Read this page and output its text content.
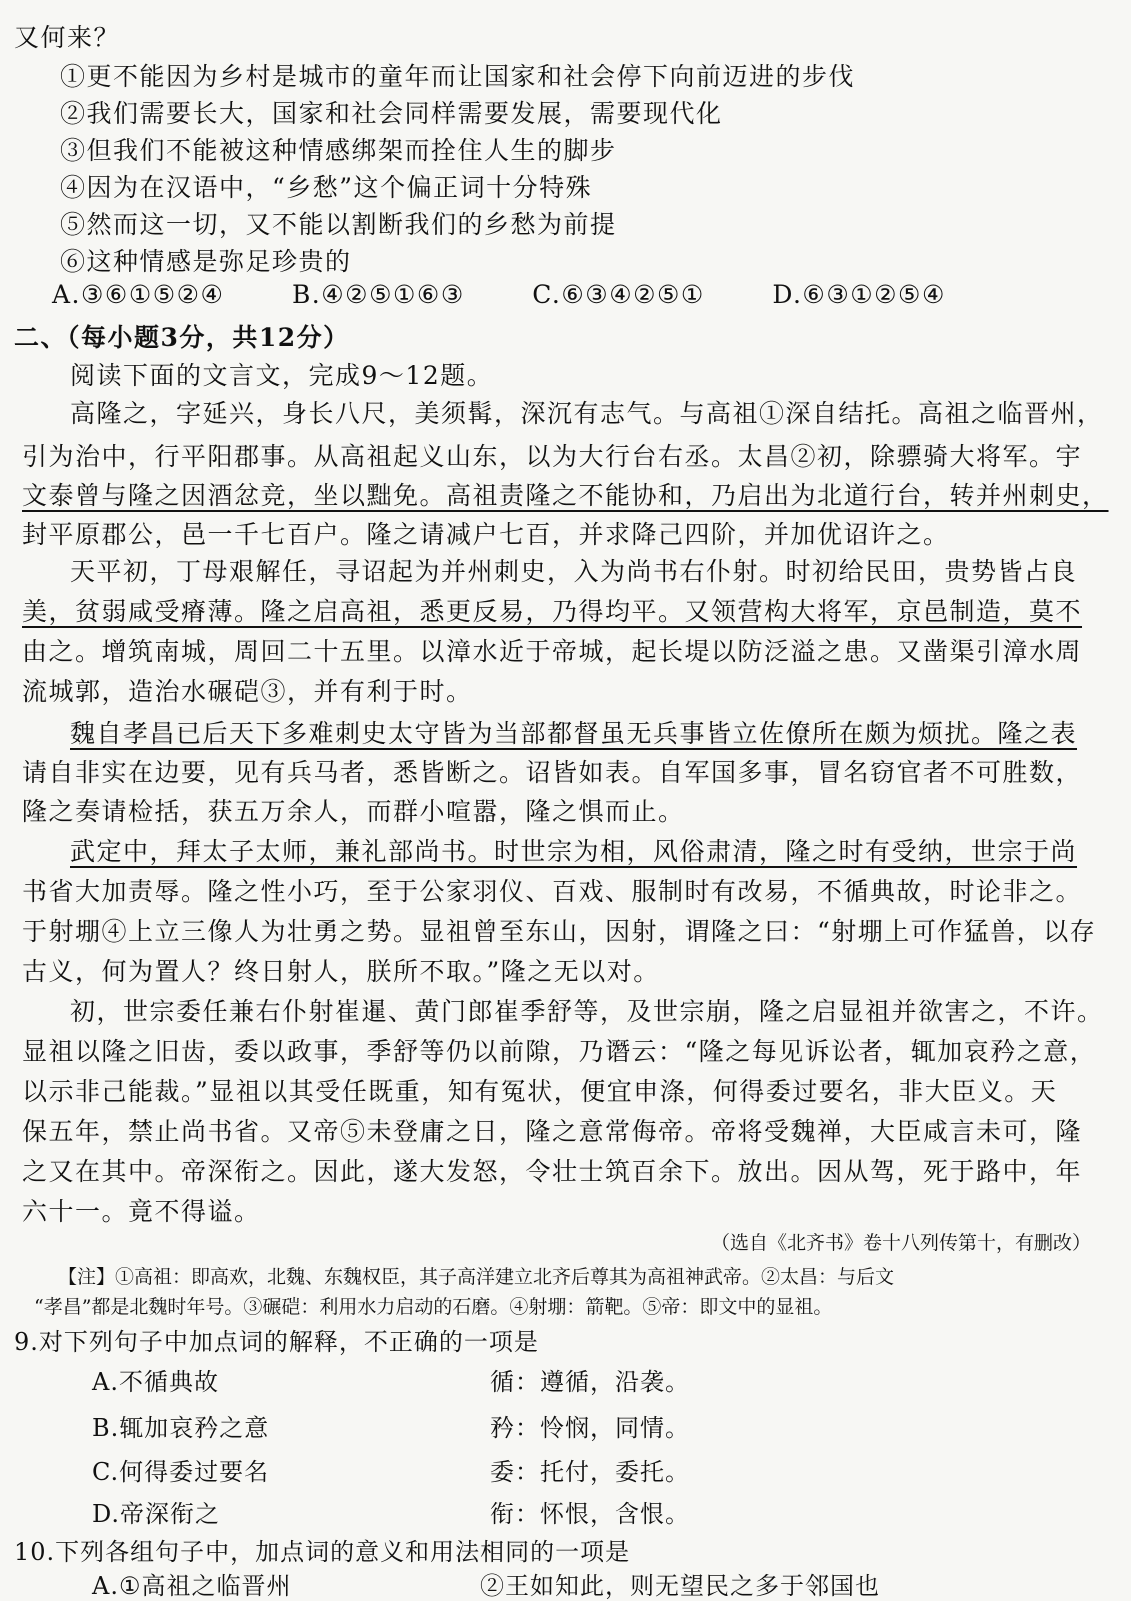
又何来？
①更不能因为乡村是城市的童年而让国家和社会停下向前迈进的步伐
②我们需要长大，国家和社会同样需要发展，需要现代化
③但我们不能被这种情感绑架而拴住人生的脚步
④因为在汉语中，“乡愁”这个偏正词十分特殊
⑤然而这一切，又不能以割断我们的乡愁为前提
⑥这种情感是弥足珍贵的
A.③⑥①⑤②④	B.④②⑤①⑥③	C.⑥③④②⑤①	D.⑥③①②⑤④
二、（每小题3分，共12分）
阅读下面的文言文，完成9～12题。
高隆之，字延兴，身长八尺，美须髯，深沉有志气。与高祖①深自结托。高祖之临晋州，
引为治中，行平阳郡事。从高祖起义山东，以为大行台右丞。太昌②初，除骠骑大将军。宇
文泰曾与隆之因酒忿竞，坐以黜免。高祖责隆之不能协和，乃启出为北道行台，转并州刺史，
封平原郡公，邑一千七百户。隆之请减户七百，并求降己四阶，并加优诏许之。
天平初，丁母艰解任，寻诏起为并州刺史，入为尚书右仆射。时初给民田，贵势皆占良
美，贫弱咸受瘠薄。隆之启高祖，悉更反易，乃得均平。又领营构大将军，京邑制造，莫不
由之。增筑南城，周回二十五里。以漳水近于帝城，起长堤以防泛溢之患。又凿渠引漳水周
流城郭，造治水碾硙③，并有利于时。
魏自孝昌已后天下多难刺史太守皆为当部都督虽无兵事皆立佐僚所在颇为烦扰。隆之表
请自非实在边要，见有兵马者，悉皆断之。诏皆如表。自军国多事，冒名窃官者不可胜数，
隆之奏请检括，获五万余人，而群小喧嚣，隆之惧而止。
武定中，拜太子太师，兼礼部尚书。时世宗为相，风俗肃清，隆之时有受纳，世宗于尚
书省大加责辱。隆之性小巧，至于公家羽仪、百戏、服制时有改易，不循典故，时论非之。
于射堋④上立三像人为壮勇之势。显祖曾至东山，因射，谓隆之曰：“射堋上可作猛兽，以存
古义，何为置人？终日射人，朕所不取。”隆之无以对。
初，世宗委任兼右仆射崔暹、黄门郎崔季舒等，及世宗崩，隆之启显祖并欲害之，不许。
显祖以隆之旧齿，委以政事，季舒等仍以前隙，乃谮云：“隆之每见诉讼者，辄加哀矜之意，
以示非己能裁。”显祖以其受任既重，知有冤状，便宜申涤，何得委过要名，非大臣义。天
保五年，禁止尚书省。又帝⑤未登庸之日，隆之意常侮帝。帝将受魏禅，大臣咸言未可，隆
之又在其中。帝深衔之。因此，遂大发怒，令壮士筑百余下。放出。因从驾，死于路中，年
六十一。竟不得谥。
（选自《北齐书》卷十八列传第十，有删改）
【注】①高祖：即高欢，北魏、东魏权臣，其子高洋建立北齐后尊其为高祖神武帝。②太昌：与后文
“孝昌”都是北魏时年号。③碾硙：利用水力启动的石磨。④射堋：箭靶。⑤帝：即文中的显祖。
9.对下列句子中加点词的解释，不正确的一项是
A.不循典故	循：遵循，沿袭。
B.辄加哀矜之意	矜：怜悯，同情。
C.何得委过要名	委：托付，委托。
D.帝深衔之	衔：怀恨，含恨。
10.下列各组句子中，加点词的意义和用法相同的一项是
A.①高祖之临晋州	②王如知此，则无望民之多于邻国也
